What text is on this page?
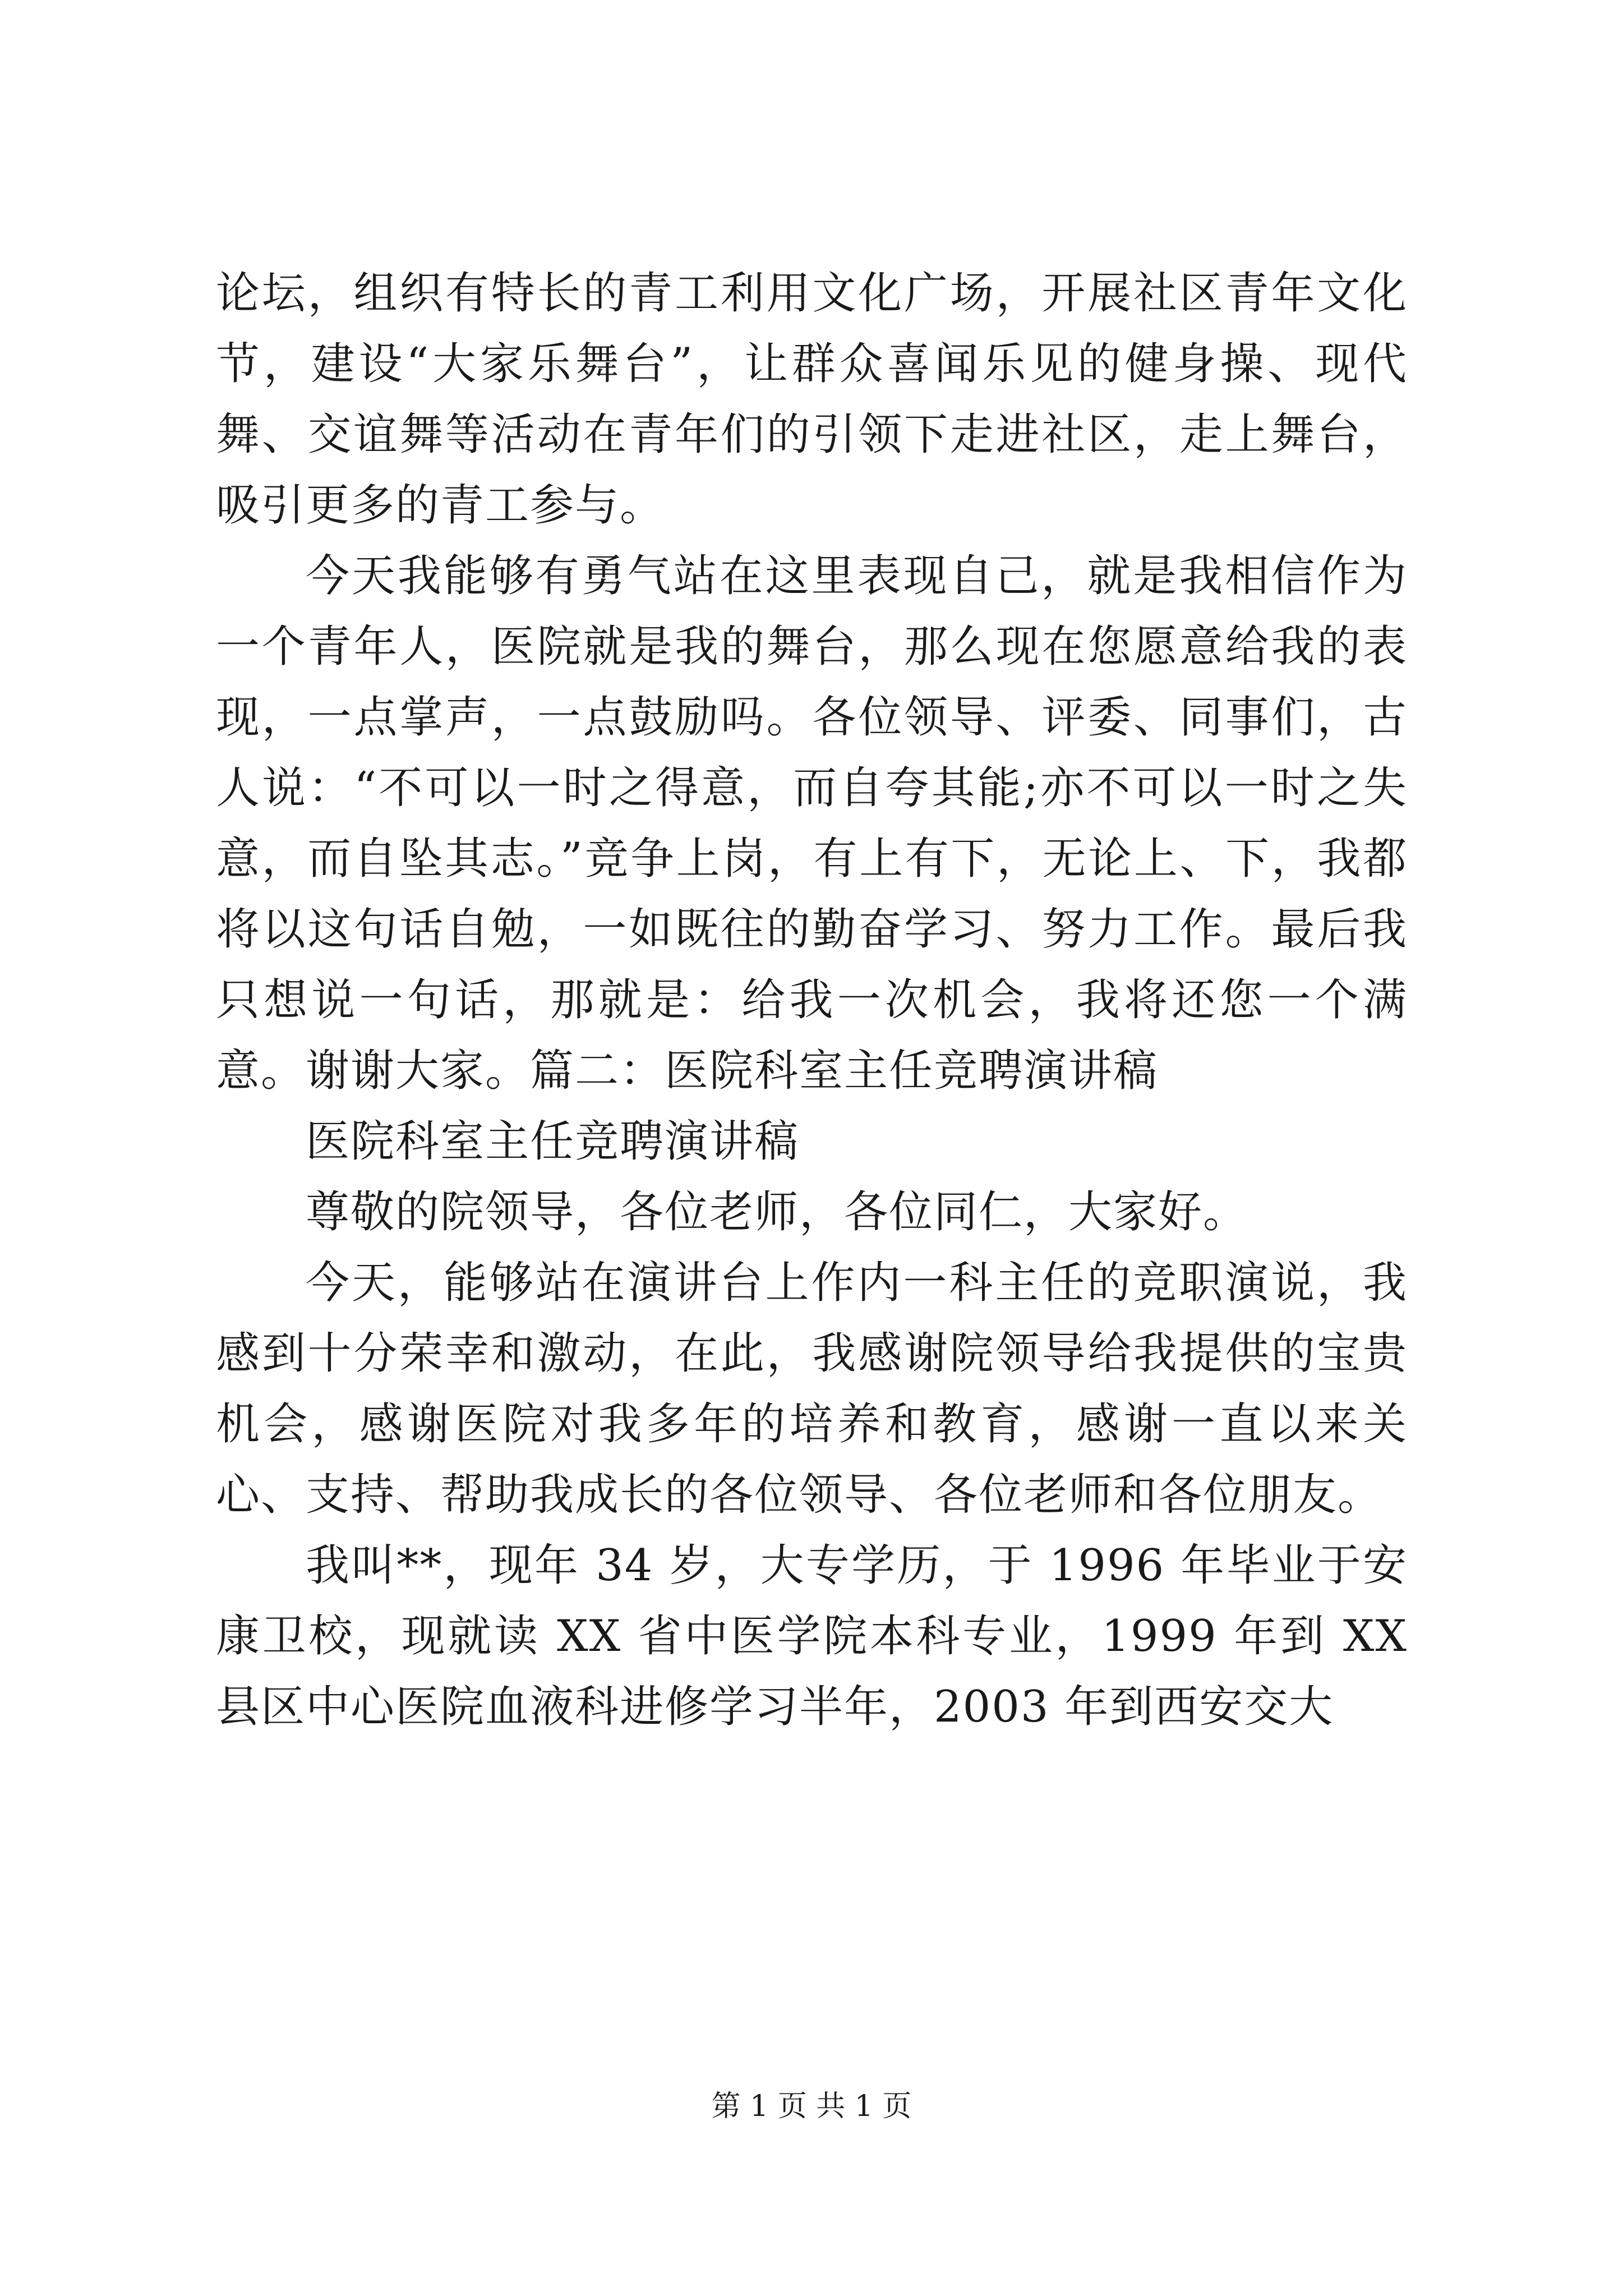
论坛，组织有特长的青工利用文化广场，开展社区青年文化节，建设“大家乐舞台”，让群众喜闻乐见的健身操、现代舞、交谊舞等活动在青年们的引领下走进社区，走上舞台，吸引更多的青工参与。

今天我能够有勇气站在这里表现自己，就是我相信作为一个青年人，医院就是我的舞台，那么现在您愿意给我的表现，一点掌声，一点鼓励吗。各位领导、评委、同事们，古人说：“不可以一时之得意，而自夸其能;亦不可以一时之失意，而自坠其志。”竞争上岗，有上有下，无论上、下，我都将以这句话自勉，一如既往的勤奋学习、努力工作。最后我只想说一句话，那就是：给我一次机会，我将还您一个满意。谢谢大家。篇二：医院科室主任竞聘演讲稿

医院科室主任竞聘演讲稿

尊敬的院领导，各位老师，各位同仁，大家好。

今天，能够站在演讲台上作内一科主任的竞职演说，我感到十分荣幸和激动，在此，我感谢院领导给我提供的宝贵机会，感谢医院对我多年的培养和教育，感谢一直以来关心、支持、帮助我成长的各位领导、各位老师和各位朋友。

我叫**，现年 34 岁，大专学历，于 1996 年毕业于安康卫校，现就读 XX 省中医学院本科专业，1999 年到 XX 县区中心医院血液科进修学习半年，2003 年到西安交大

第 1 页 共 1 页
